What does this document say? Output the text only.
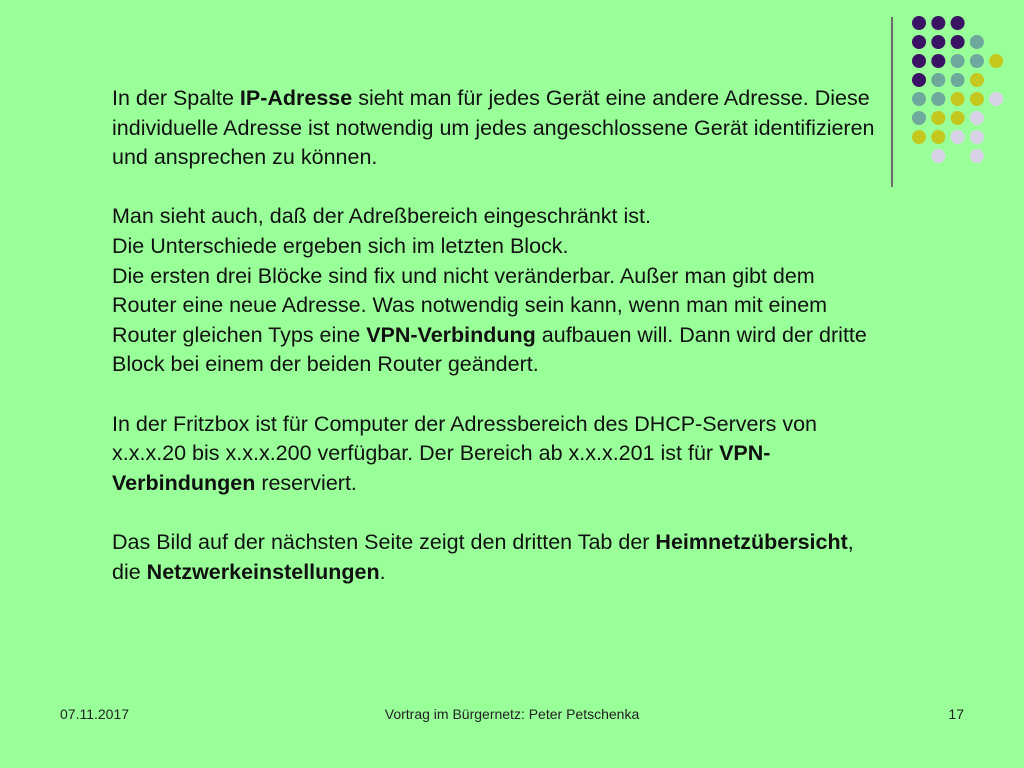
In der Spalte IP-Adresse sieht man für jedes Gerät eine andere Adresse. Diese individuelle Adresse ist notwendig um jedes angeschlossene Gerät identifizieren und ansprechen zu können.

Man sieht auch, daß der Adreßbereich eingeschränkt ist.
Die Unterschiede ergeben sich im letzten Block.
Die ersten drei Blöcke sind fix und nicht veränderbar. Außer man gibt dem Router eine neue Adresse. Was notwendig sein kann, wenn man mit einem Router gleichen Typs eine VPN-Verbindung aufbauen will. Dann wird der dritte Block bei einem der beiden Router geändert.

In der Fritzbox ist für Computer der Adressbereich des DHCP-Servers von x.x.x.20 bis x.x.x.200 verfügbar. Der Bereich ab x.x.x.201 ist für VPN-Verbindungen reserviert.

Das Bild auf der nächsten Seite zeigt den dritten Tab der Heimnetzübersicht, die Netzwerkeinstellungen.

07.11.2017	Vortrag im Bürgernetz: Peter Petschenka	17
